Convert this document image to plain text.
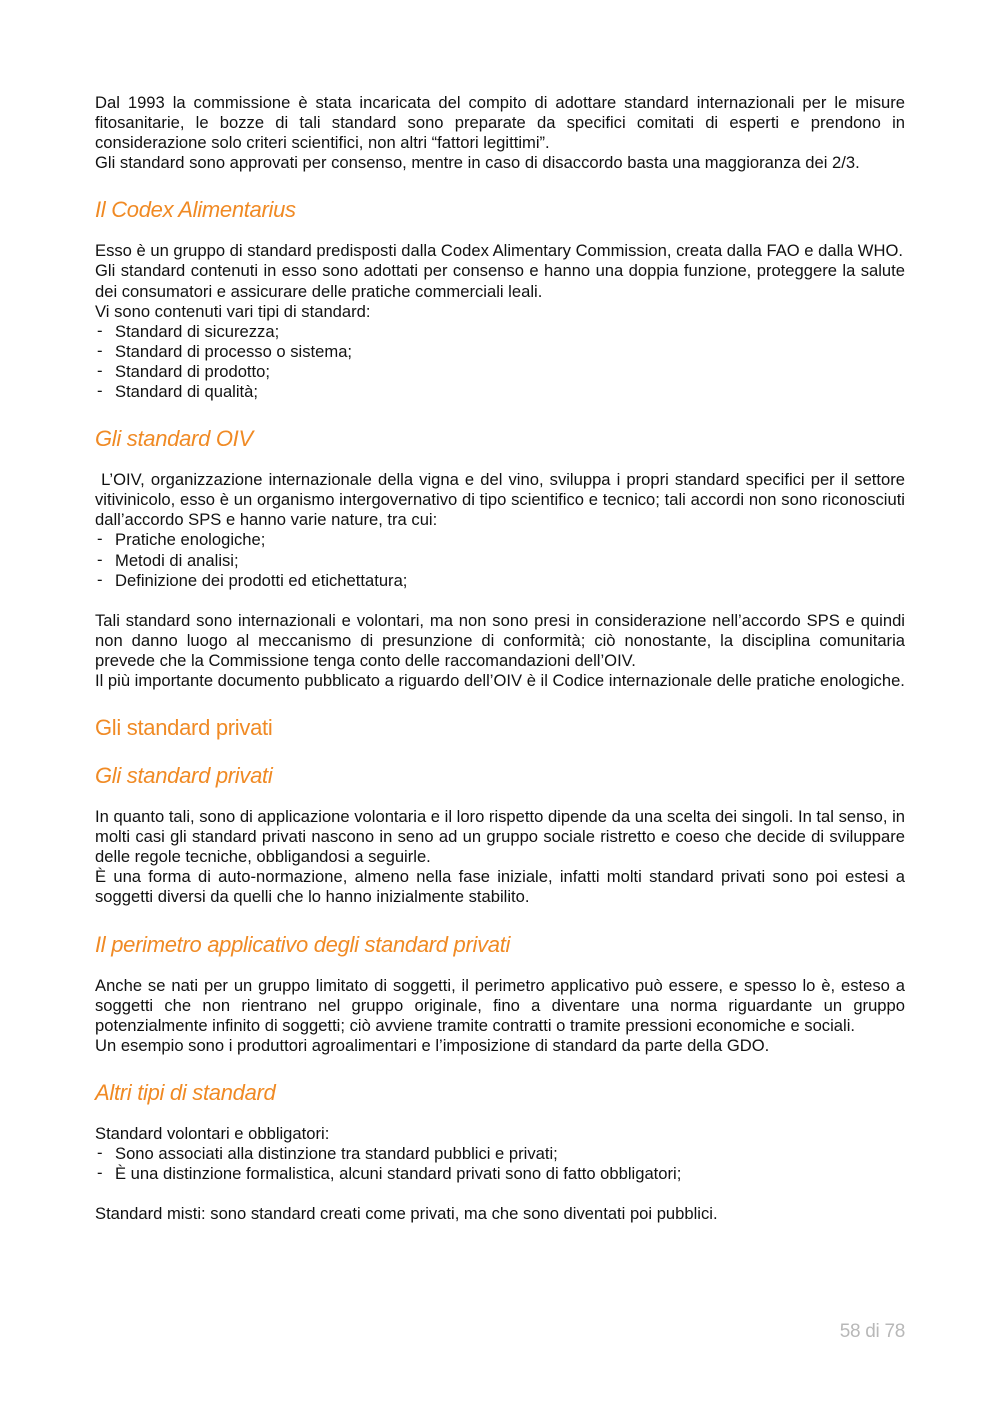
Dal 1993 la commissione è stata incaricata del compito di adottare standard internazionali per le misure fitosanitarie, le bozze di tali standard sono preparate da specifici comitati di esperti e prendono in considerazione solo criteri scientifici, non altri “fattori legittimi”.

Gli standard sono approvati per consenso, mentre in caso di disaccordo basta una maggioranza dei 2/3.

Il Codex Alimentarius

Esso è un gruppo di standard predisposti dalla Codex Alimentary Commission, creata dalla FAO e dalla WHO.

Gli standard contenuti in esso sono adottati per consenso e hanno una doppia funzione, proteggere la salute dei consumatori e assicurare delle pratiche commerciali leali.

Vi sono contenuti vari tipi di standard:

- Standard di sicurezza;
- Standard di processo o sistema;
- Standard di prodotto;
- Standard di qualità;
Gli standard OIV

L’OIV, organizzazione internazionale della vigna e del vino, sviluppa i propri standard specifici per il settore vitivinicolo, esso è un organismo intergovernativo di tipo scientifico e tecnico; tali accordi non sono riconosciuti dall’accordo SPS e hanno varie nature, tra cui:

- Pratiche enologiche;
- Metodi di analisi;
- Definizione dei prodotti ed etichettatura;

Tali standard sono internazionali e volontari, ma non sono presi in considerazione nell’accordo SPS e quindi non danno luogo al meccanismo di presunzione di conformità; ciò nonostante, la disciplina comunitaria prevede che la Commissione tenga conto delle raccomandazioni dell’OIV.

Il più importante documento pubblicato a riguardo dell’OIV è il Codice internazionale delle pratiche enologiche.

Gli standard privati
Gli standard privati

In quanto tali, sono di applicazione volontaria e il loro rispetto dipende da una scelta dei singoli. In tal senso, in molti casi gli standard privati nascono in seno ad un gruppo sociale ristretto e coeso che decide di sviluppare delle regole tecniche, obbligandosi a seguirle.

È una forma di auto-normazione, almeno nella fase iniziale, infatti molti standard privati sono poi estesi a soggetti diversi da quelli che lo hanno inizialmente stabilito.

Il perimetro applicativo degli standard privati

Anche se nati per un gruppo limitato di soggetti, il perimetro applicativo può essere, e spesso lo è, esteso a soggetti che non rientrano nel gruppo originale, fino a diventare una norma riguardante un gruppo potenzialmente infinito di soggetti; ciò avviene tramite contratti o tramite pressioni economiche e sociali.

Un esempio sono i produttori agroalimentari e l’imposizione di standard da parte della GDO.

Altri tipi di standard

Standard volontari e obbligatori:

- Sono associati alla distinzione tra standard pubblici e privati;
- È una distinzione formalistica, alcuni standard privati sono di fatto obbligatori;

Standard misti: sono standard creati come privati, ma che sono diventati poi pubblici.

58 di 78
